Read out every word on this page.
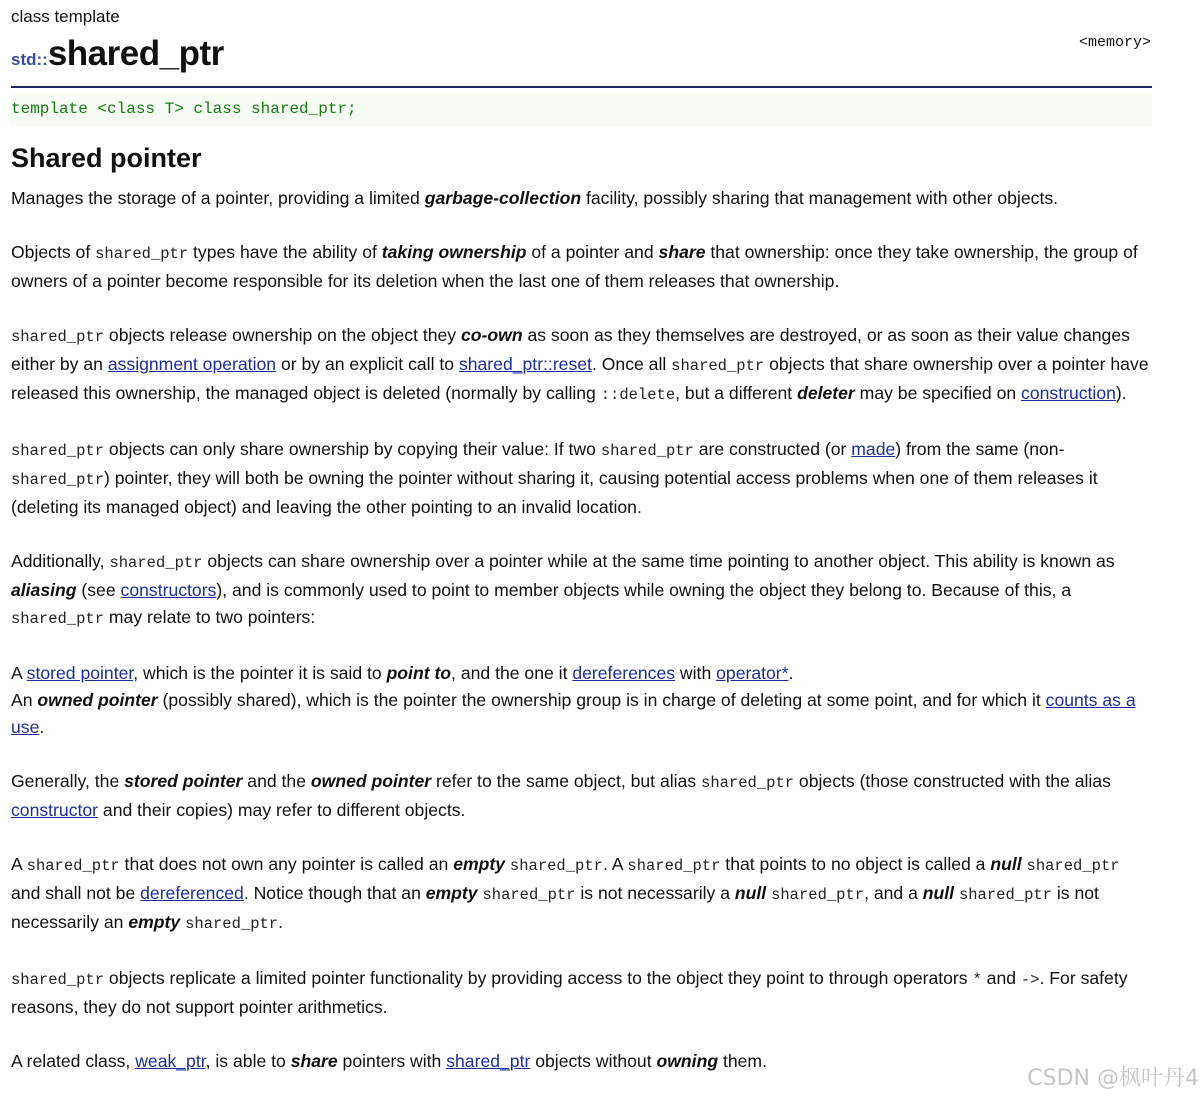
class template

std::shared_ptr	<memory>
template <class T> class shared_ptr;
Shared pointer

Manages the storage of a pointer, providing a limited garbage-collection facility, possibly sharing that management with other objects.

Objects of shared_ptr types have the ability of taking ownership of a pointer and share that ownership: once they take ownership, the group of owners of a pointer become responsible for its deletion when the last one of them releases that ownership.

shared_ptr objects release ownership on the object they co-own as soon as they themselves are destroyed, or as soon as their value changes either by an assignment operation or by an explicit call to shared_ptr::reset. Once all shared_ptr objects that share ownership over a pointer have released this ownership, the managed object is deleted (normally by calling ::delete, but a different deleter may be specified on construction).

shared_ptr objects can only share ownership by copying their value: If two shared_ptr are constructed (or made) from the same (non-shared_ptr) pointer, they will both be owning the pointer without sharing it, causing potential access problems when one of them releases it (deleting its managed object) and leaving the other pointing to an invalid location.

Additionally, shared_ptr objects can share ownership over a pointer while at the same time pointing to another object. This ability is known as aliasing (see constructors), and is commonly used to point to member objects while owning the object they belong to. Because of this, a shared_ptr may relate to two pointers:

A stored pointer, which is the pointer it is said to point to, and the one it dereferences with operator*.

An owned pointer (possibly shared), which is the pointer the ownership group is in charge of deleting at some point, and for which it counts as a use.

Generally, the stored pointer and the owned pointer refer to the same object, but alias shared_ptr objects (those constructed with the alias constructor and their copies) may refer to different objects.

A shared_ptr that does not own any pointer is called an empty shared_ptr. A shared_ptr that points to no object is called a null shared_ptr and shall not be dereferenced. Notice though that an empty shared_ptr is not necessarily a null shared_ptr, and a null shared_ptr is not necessarily an empty shared_ptr.

shared_ptr objects replicate a limited pointer functionality by providing access to the object they point to through operators * and ->. For safety reasons, they do not support pointer arithmetics.

A related class, weak_ptr, is able to share pointers with shared_ptr objects without owning them.

CSDN @枫叶丹4
